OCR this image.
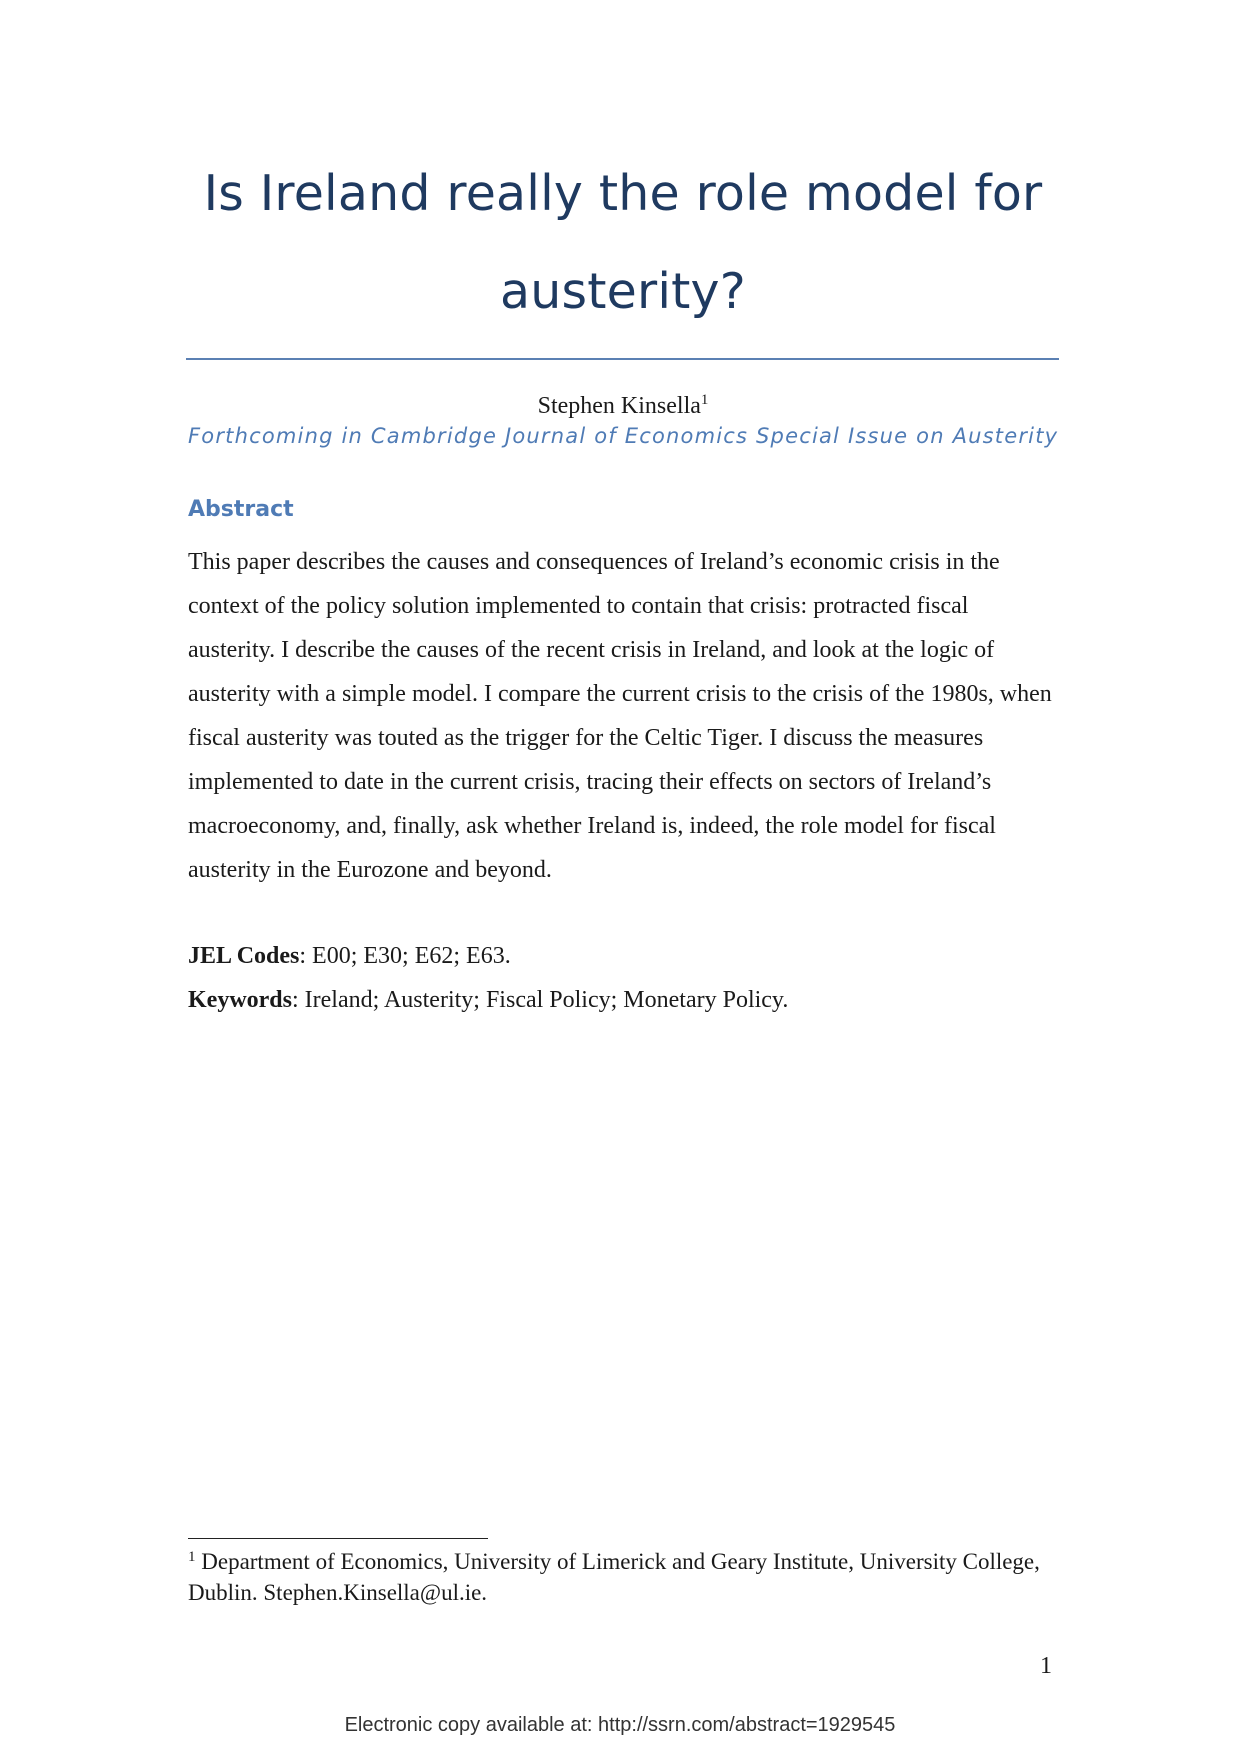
Is Ireland really the role model for austerity?
Stephen Kinsella$^1$
Forthcoming in Cambridge Journal of Economics Special Issue on Austerity
Abstract

This paper describes the causes and consequences of Ireland’s economic crisis in the context of the policy solution implemented to contain that crisis: protracted fiscal austerity. I describe the causes of the recent crisis in Ireland, and look at the logic of austerity with a simple model. I compare the current crisis to the crisis of the 1980s, when fiscal austerity was touted as the trigger for the Celtic Tiger. I discuss the measures implemented to date in the current crisis, tracing their effects on sectors of Ireland’s macroeconomy, and, finally, ask whether Ireland is, indeed, the role model for fiscal austerity in the Eurozone and beyond.

JEL Codes: E00; E30; E62; E63.

Keywords: Ireland; Austerity; Fiscal Policy; Monetary Policy.

$^1$ Department of Economics, University of Limerick and Geary Institute, University College, Dublin. Stephen.Kinsella@ul.ie.

1
Electronic copy available at: http://ssrn.com/abstract=1929545
